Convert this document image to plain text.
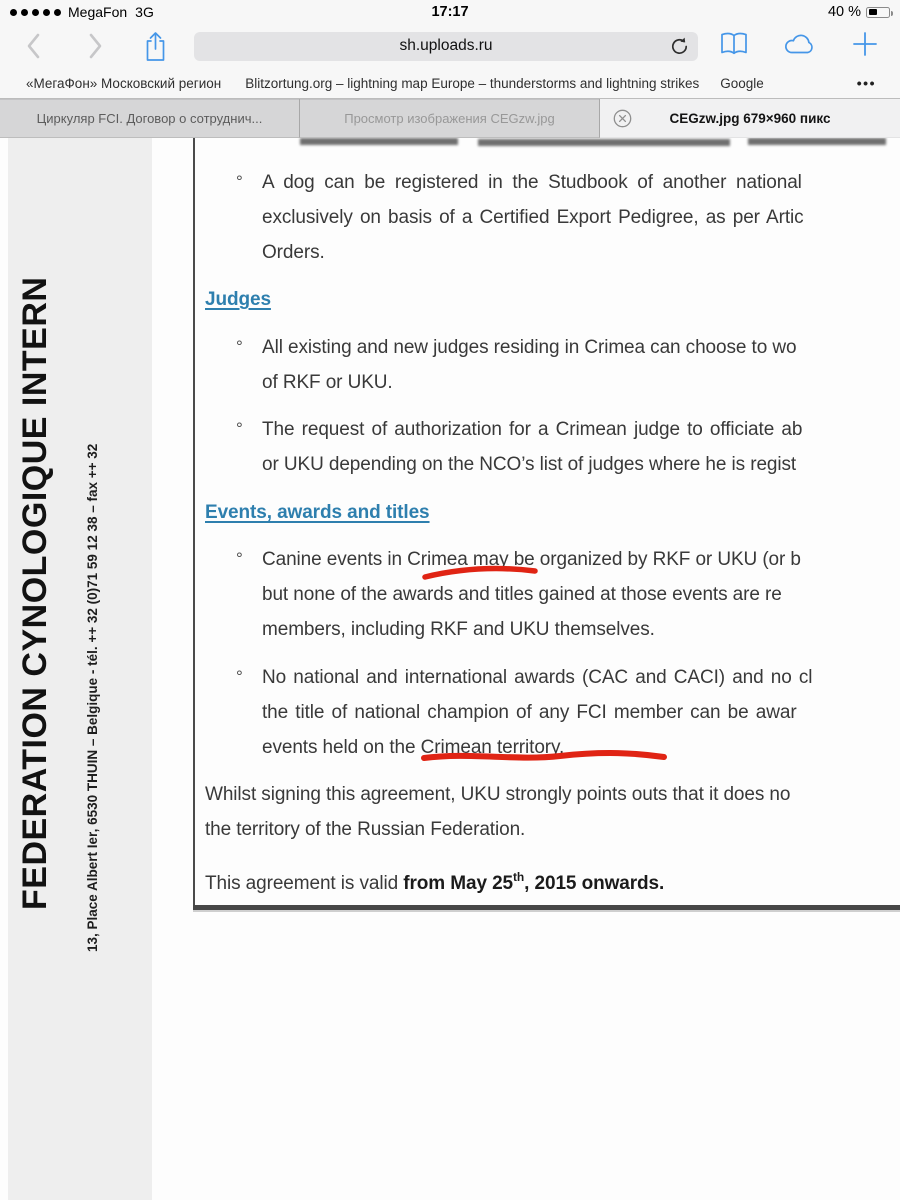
MegaFon 3G	17:17	40 %
sh.uploads.ru
«МегаФон» Московский регион Blitzortung.org – lightning map Europe – thunderstorms and lightning strikes Google	•••
Циркуляр FCI. Договор о сотруднич...	Просмотр изображения CEGzw.jpg	CEGzw.jpg 679×960 пикс
FEDERATION CYNOLOGIQUE INTERN 13, Place Albert Ier, 6530 THUIN – Belgique - tél. ++ 32 (0)71 59 12 38 – fax ++ 32
° A dog can be registered in the Studbook of another national
exclusively on basis of a Certified Export Pedigree, as per Artic
Orders.
Judges
° All existing and new judges residing in Crimea can choose to wo
of RKF or UKU.
° The request of authorization for a Crimean judge to officiate ab
or UKU depending on the NCO’s list of judges where he is regist
Events, awards and titles
° Canine events in Crimea may be organized by RKF or UKU (or b
but none of the awards and titles gained at those events are re
members, including RKF and UKU themselves.
° No national and international awards (CAC and CACI) and no cl
the title of national champion of any FCI member can be awar
events held on the Crimean territory.
Whilst signing this agreement, UKU strongly points outs that it does no
the territory of the Russian Federation.
This agreement is valid from May 25th, 2015 onwards.
